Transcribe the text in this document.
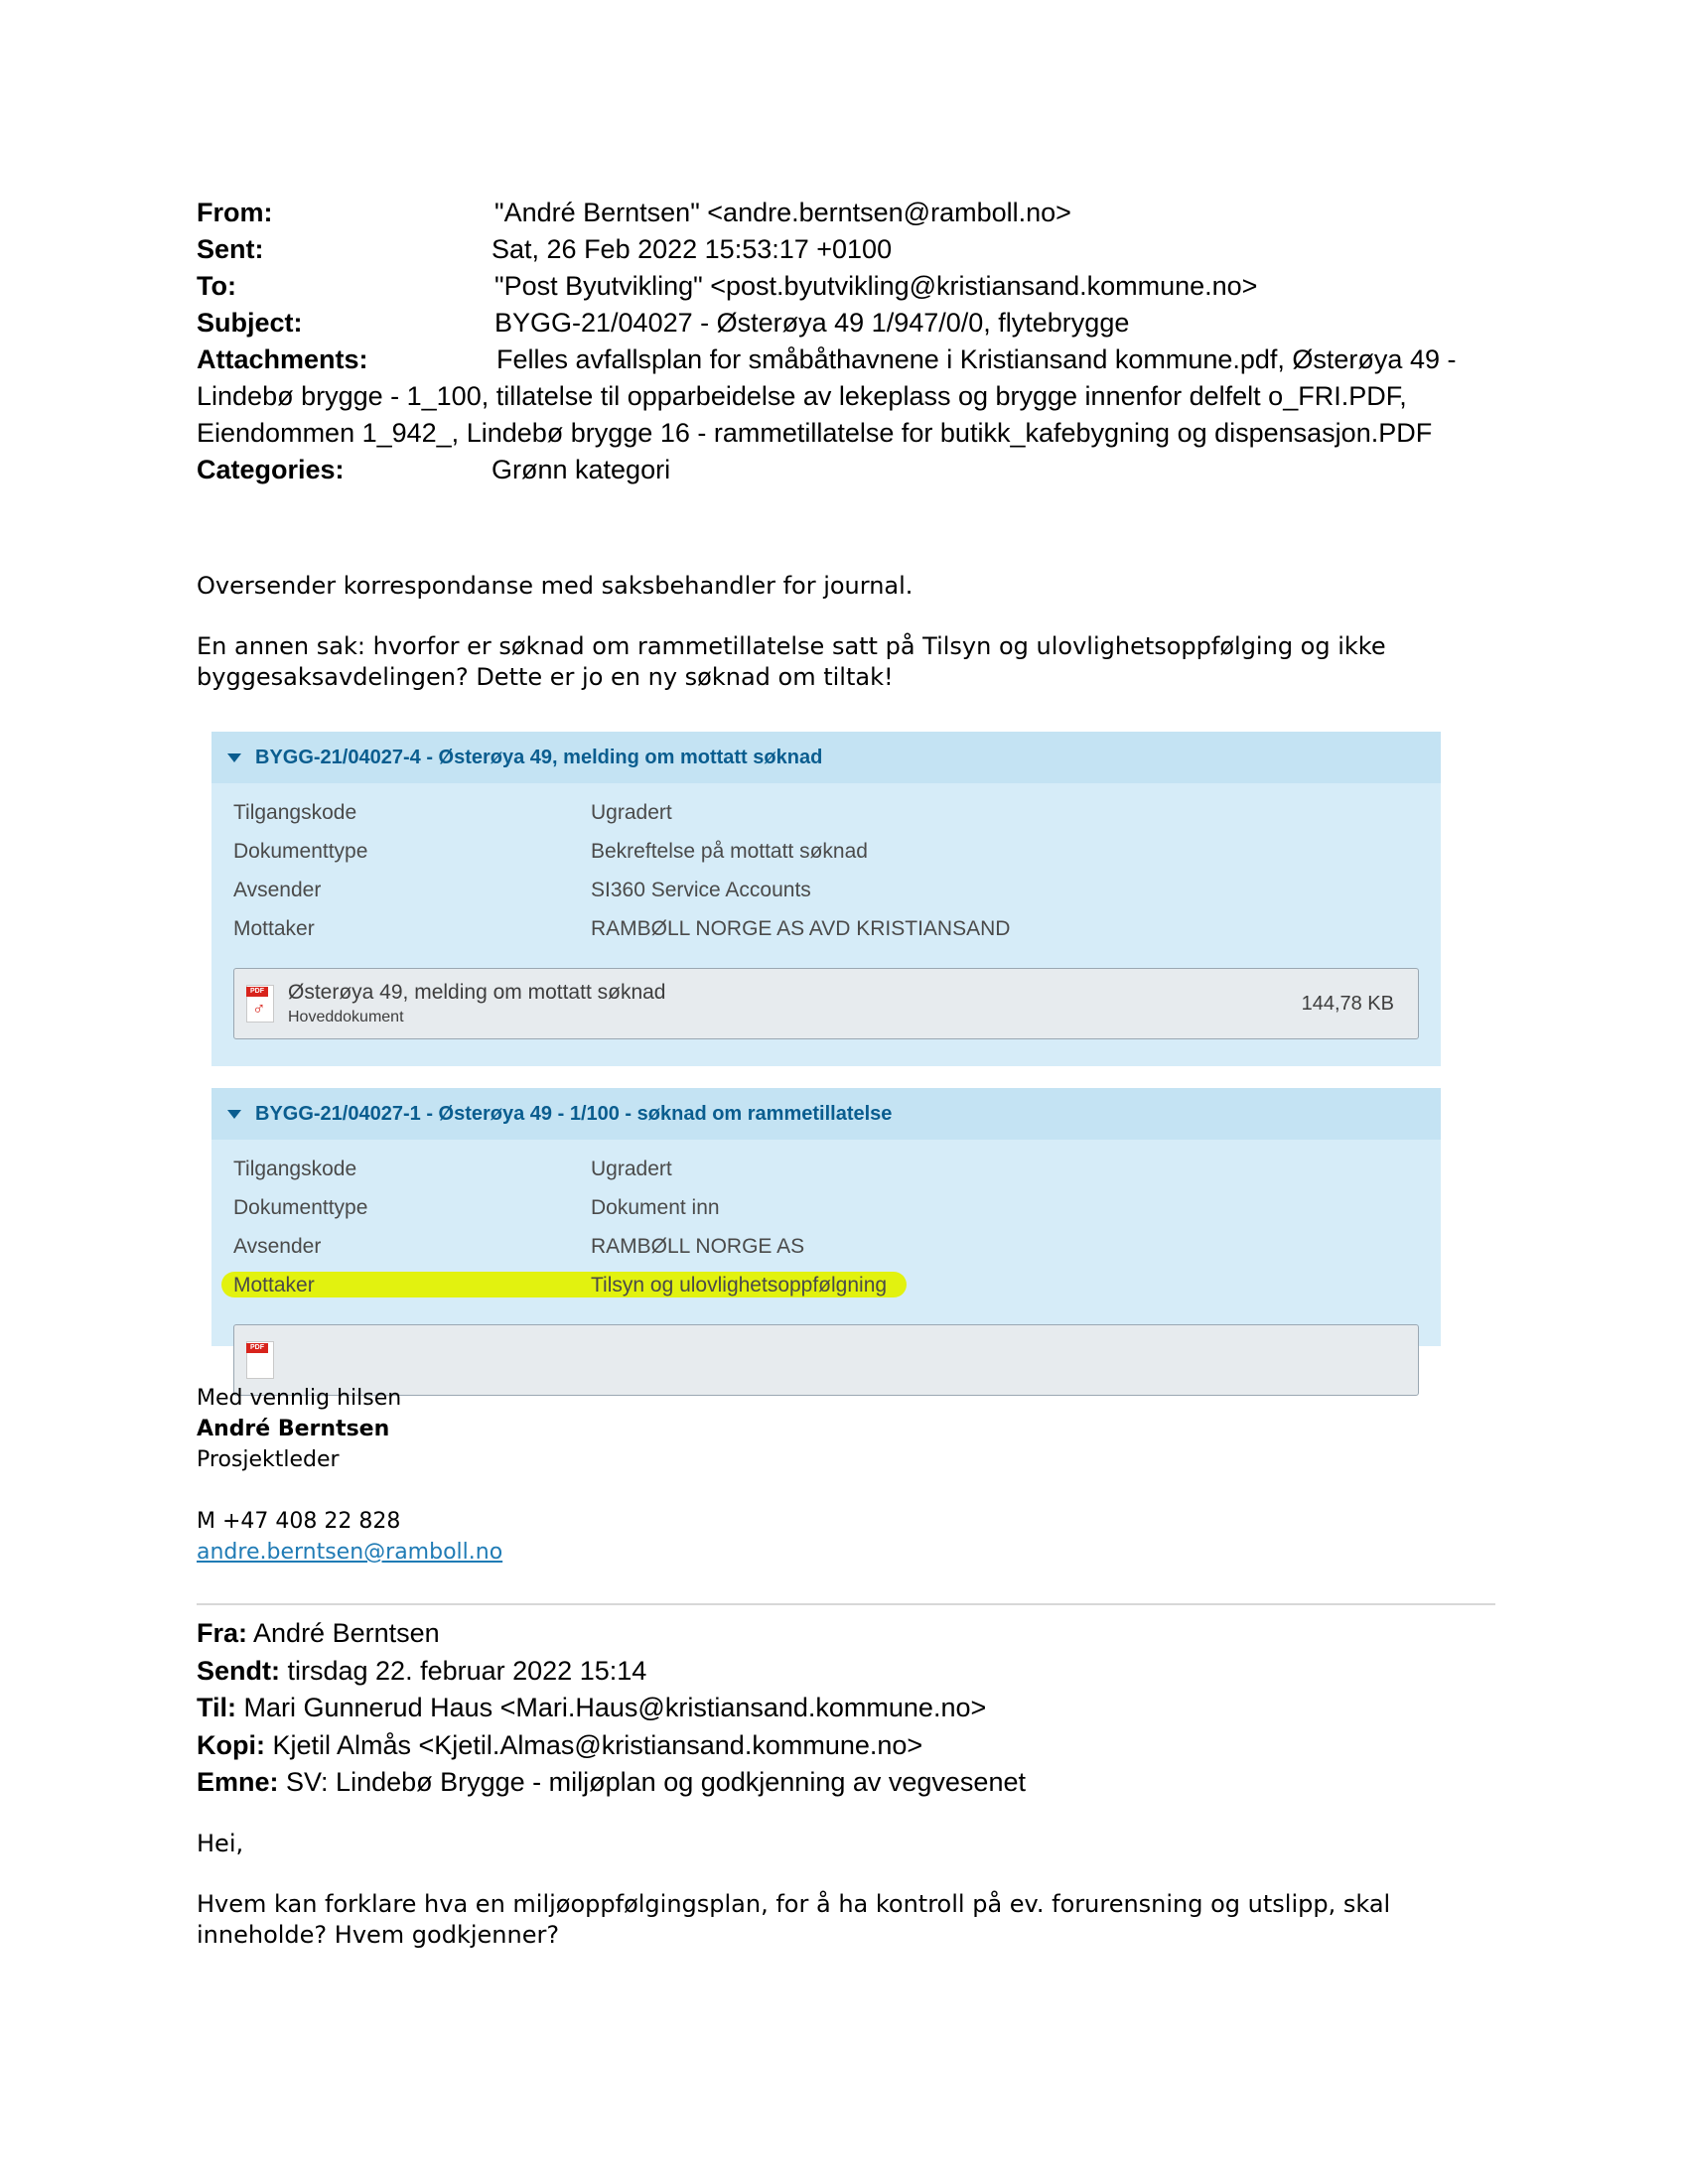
From:	"André Berntsen" <andre.berntsen@ramboll.no>
Sent:	Sat, 26 Feb 2022 15:53:17 +0100
To:	"Post Byutvikling" <post.byutvikling@kristiansand.kommune.no>
Subject:	BYGG-21/04027 - Østerøya 49 1/947/0/0, flytebrygge
Attachments:	Felles avfallsplan for småbåthavnene i Kristiansand kommune.pdf, Østerøya 49 -
Lindebø brygge - 1_100, tillatelse til opparbeidelse av lekeplass og brygge innenfor delfelt o_FRI.PDF,
Eiendommen 1_942_, Lindebø brygge 16 - rammetillatelse for butikk_kafebygning og dispensasjon.PDF
Categories:	Grønn kategori
Oversender korrespondanse med saksbehandler for journal.
En annen sak: hvorfor er søknad om rammetillatelse satt på Tilsyn og ulovlighetsoppfølging og ikke
byggesaksavdelingen? Dette er jo en ny søknad om tiltak!
BYGG-21/04027-4 - Østerøya 49, melding om mottatt søknad
Tilgangskode	Ugradert
Dokumenttype	Bekreftelse på mottatt søknad
Avsender	SI360 Service Accounts
Mottaker	RAMBØLL NORGE AS AVD KRISTIANSAND
PDF
♂
Østerøya 49, melding om mottatt søknad
Hoveddokument
144,78 KB
BYGG-21/04027-1 - Østerøya 49 - 1/100 - søknad om rammetillatelse
Tilgangskode	Ugradert
Dokumenttype	Dokument inn
Avsender	RAMBØLL NORGE AS
Mottaker	Tilsyn og ulovlighetsoppfølgning
PDF
Med vennlig hilsen
André Berntsen
Prosjektleder
M +47 408 22 828
andre.berntsen@ramboll.no
Fra: André Berntsen
Sendt: tirsdag 22. februar 2022 15:14
Til: Mari Gunnerud Haus <Mari.Haus@kristiansand.kommune.no>
Kopi: Kjetil Almås <Kjetil.Almas@kristiansand.kommune.no>
Emne: SV: Lindebø Brygge - miljøplan og godkjenning av vegvesenet
Hei,
Hvem kan forklare hva en miljøoppfølgingsplan, for å ha kontroll på ev. forurensning og utslipp, skal
inneholde? Hvem godkjenner?
